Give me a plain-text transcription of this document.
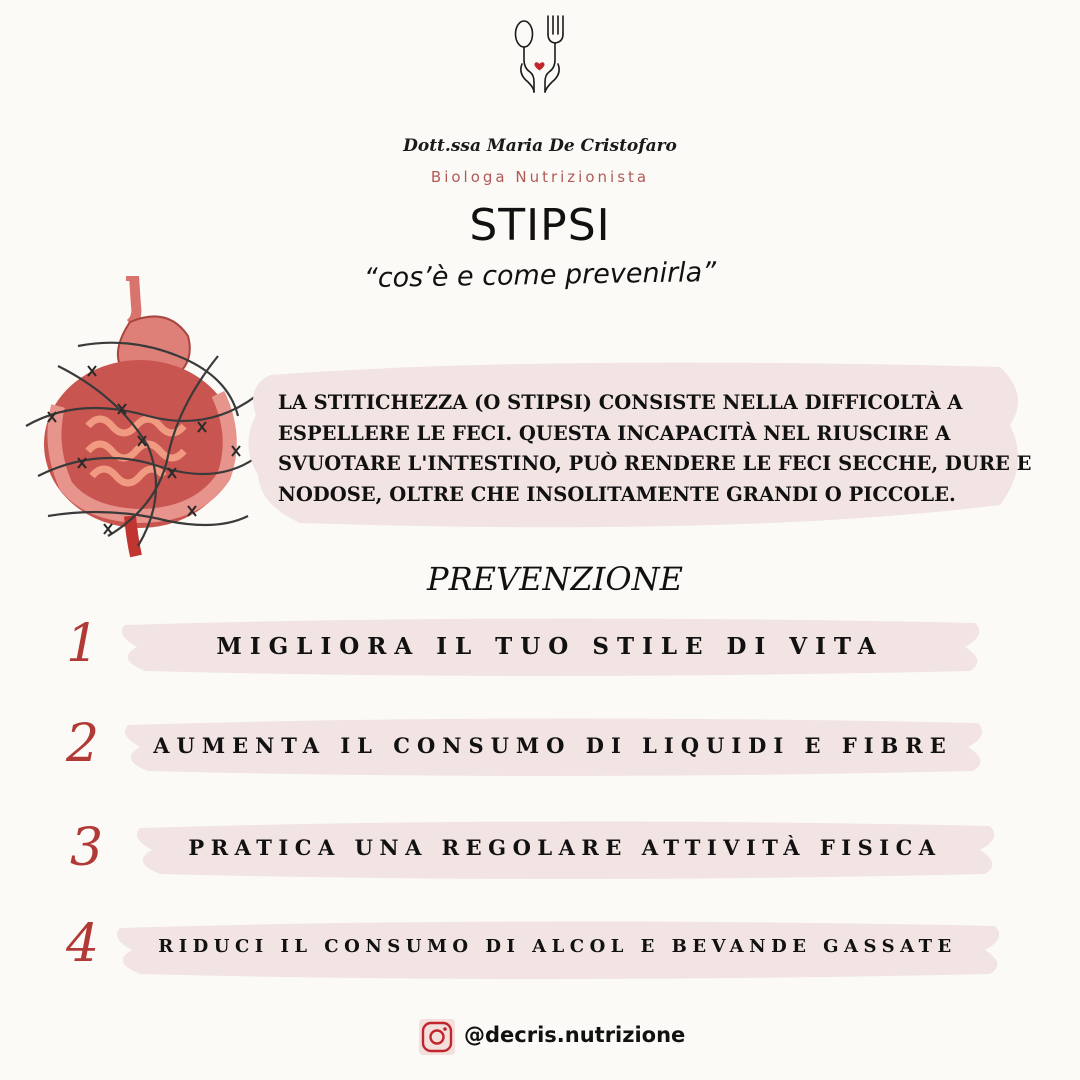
Dott.ssa Maria De Cristofaro
Biologa Nutrizionista
STIPSI
“cos’è e come prevenirla”
LA STITICHEZZA (O STIPSI) CONSISTE NELLA DIFFICOLTÀ A ESPELLERE LE FECI. QUESTA INCAPACITÀ NEL RIUSCIRE A SVUOTARE L'INTESTINO, PUÒ RENDERE LE FECI SECCHE, DURE E NODOSE, OLTRE CHE INSOLITAMENTE GRANDI O PICCOLE.
PREVENZIONE
1	MIGLIORA IL TUO STILE DI VITA
2	AUMENTA IL CONSUMO DI LIQUIDI E FIBRE
3	PRATICA UNA REGOLARE ATTIVITÀ FISICA
4	RIDUCI IL CONSUMO DI ALCOL E BEVANDE GASSATE
@decris.nutrizione
